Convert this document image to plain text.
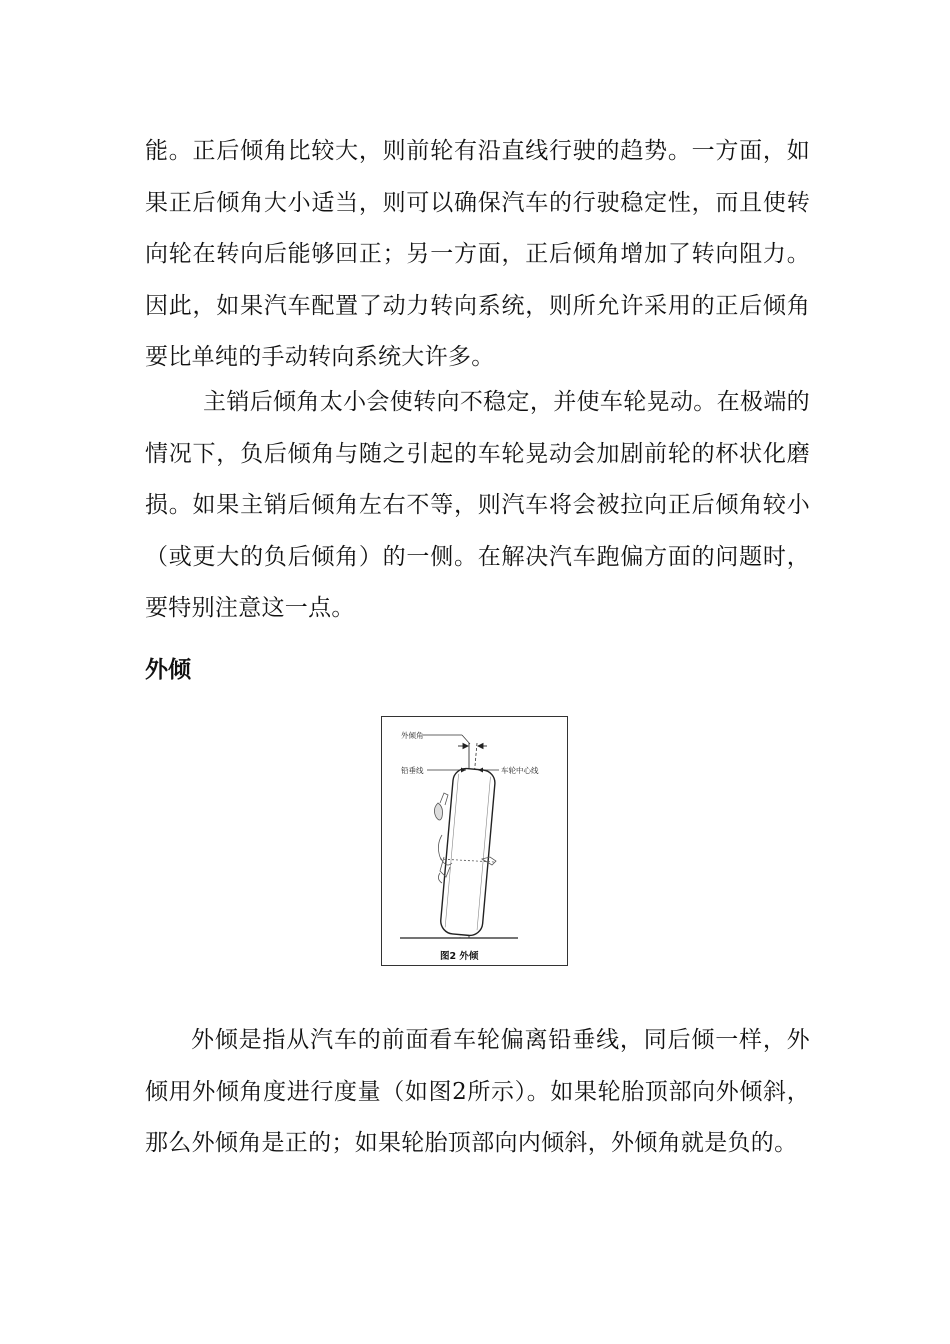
能。正后倾角比较大，则前轮有沿直线行驶的趋势。一方面，如果正后倾角大小适当，则可以确保汽车的行驶稳定性，而且使转向轮在转向后能够回正；另一方面，正后倾角增加了转向阻力。因此，如果汽车配置了动力转向系统，则所允许采用的正后倾角要比单纯的手动转向系统大许多。

主销后倾角太小会使转向不稳定，并使车轮晃动。在极端的情况下，负后倾角与随之引起的车轮晃动会加剧前轮的杯状化磨损。如果主销后倾角左右不等，则汽车将会被拉向正后倾角较小（或更大的负后倾角）的一侧。在解决汽车跑偏方面的问题时，要特别注意这一点。

外倾
外倾角
铅垂线	车轮中心线
图2 外倾

外倾是指从汽车的前面看车轮偏离铅垂线，同后倾一样，外倾用外倾角度进行度量（如图2所示）。如果轮胎顶部向外倾斜，那么外倾角是正的；如果轮胎顶部向内倾斜，外倾角就是负的。
